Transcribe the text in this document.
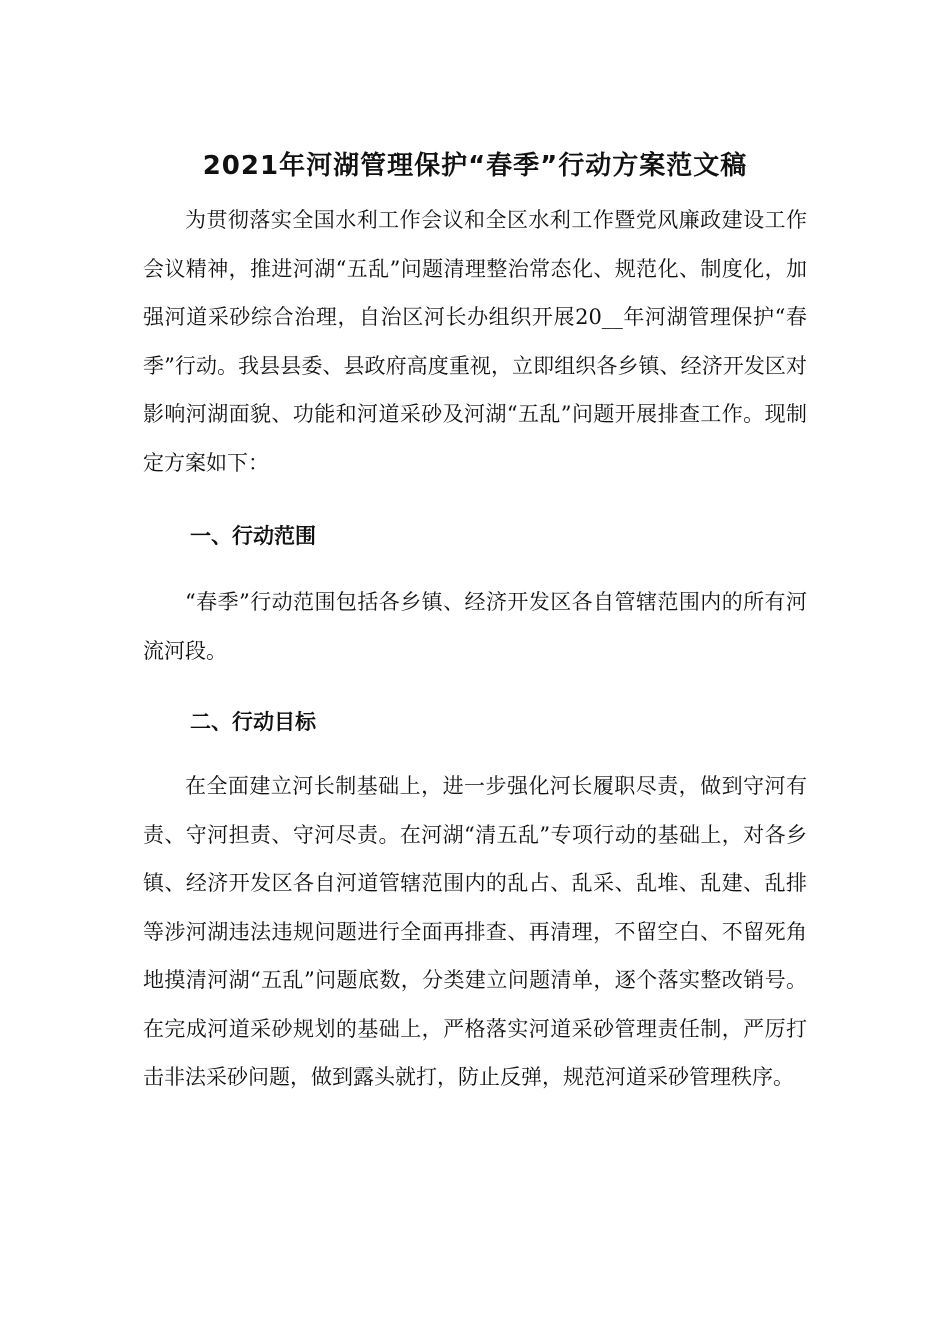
2021年河湖管理保护“春季”行动方案范文稿

为贯彻落实全国水利工作会议和全区水利工作暨党风廉政建设工作会议精神，推进河湖“五乱”问题清理整治常态化、规范化、制度化，加强河道采砂综合治理，自治区河长办组织开展20__年河湖管理保护“春季”行动。我县县委、县政府高度重视，立即组织各乡镇、经济开发区对影响河湖面貌、功能和河道采砂及河湖“五乱”问题开展排查工作。现制定方案如下：

一、行动范围

“春季”行动范围包括各乡镇、经济开发区各自管辖范围内的所有河流河段。

二、行动目标

在全面建立河长制基础上，进一步强化河长履职尽责，做到守河有责、守河担责、守河尽责。在河湖“清五乱”专项行动的基础上，对各乡镇、经济开发区各自河道管辖范围内的乱占、乱采、乱堆、乱建、乱排等涉河湖违法违规问题进行全面再排查、再清理，不留空白、不留死角地摸清河湖“五乱”问题底数，分类建立问题清单，逐个落实整改销号。在完成河道采砂规划的基础上，严格落实河道采砂管理责任制，严厉打击非法采砂问题，做到露头就打，防止反弹，规范河道采砂管理秩序。
